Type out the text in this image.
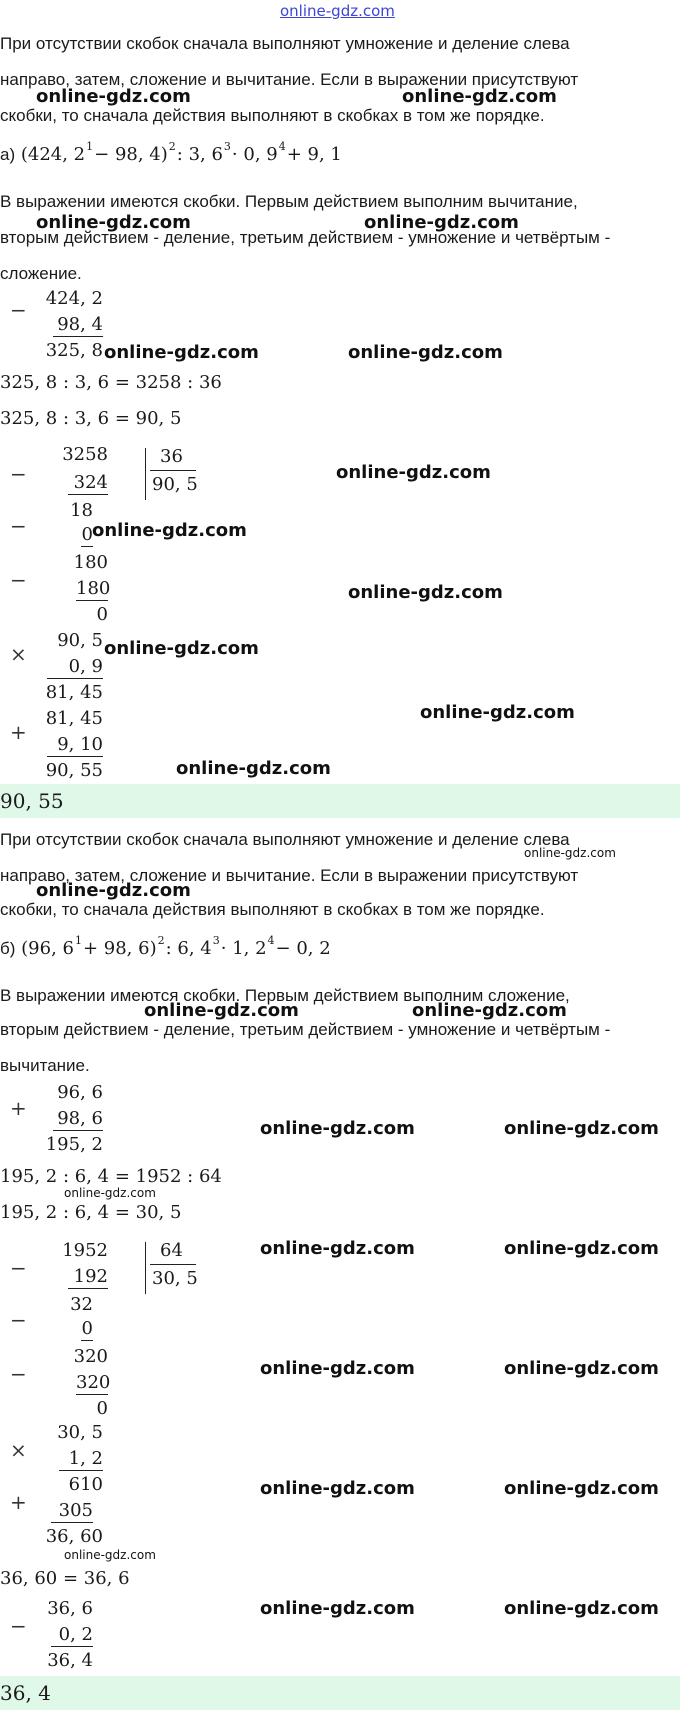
online-gdz.com
При отсутствии скобок сначала выполняют умножение и деление слева
направо, затем, сложение и вычитание. Если в выражении присутствуют
online-gdz.com	online-gdz.com
скобки, то сначала действия выполняют в скобках в том же порядке.
а) (424, $2^1- 98$, 4)$^2$: 3, $6^3\cdot 0$, $9^4+ 9$, 1
В выражении имеются скобки. Первым действием выполним вычитание,
online-gdz.com	online-gdz.com
вторым действием - деление, третьим действием - умножение и четвёртым -
сложение.
− 424, 2
98, 4
325, 8 online-gdz.com	online-gdz.com
325, 8 : 3, 6 = 3258 : 36
325, 8 : 3, 6 = 90, 5
−
3258
324
36
90, 5
online-gdz.com
18
−	0 online-gdz.com
180
−	180
0
online-gdz.com
×
90, 5 online-gdz.com
0, 9
81, 45
+
81, 45	online-gdz.com
9, 10
90, 55	online-gdz.com
90, 55
При отсутствии скобок сначала выполняют умножение и деление слева
online-gdz.com
направо, затем, сложение и вычитание. Если в выражении присутствуют
online-gdz.com
скобки, то сначала действия выполняют в скобках в том же порядке.
б) (96, $6^1+ 98$, 6)$^2$: 6, $4^3\cdot 1$, $2^4- 0$, 2
В выражении имеются скобки. Первым действием выполним сложение,
online-gdz.com	online-gdz.com
вторым действием - деление, третьим действием - умножение и четвёртым -
вычитание.
+
96, 6
98, 6
195, 2
online-gdz.com	online-gdz.com
195, 2 : 6, 4 = 1952 : 64
online-gdz.com
195, 2 : 6, 4 = 30, 5
−
1952
192
64
30, 5
online-gdz.com	online-gdz.com
32
−	0
320
−	320
0
online-gdz.com	online-gdz.com
×
30, 5
1, 2
610
+	305
36, 60
online-gdz.com	online-gdz.com
online-gdz.com
36, 60 = 36, 6
−
36, 6
0, 2
36, 4
online-gdz.com	online-gdz.com
36, 4
